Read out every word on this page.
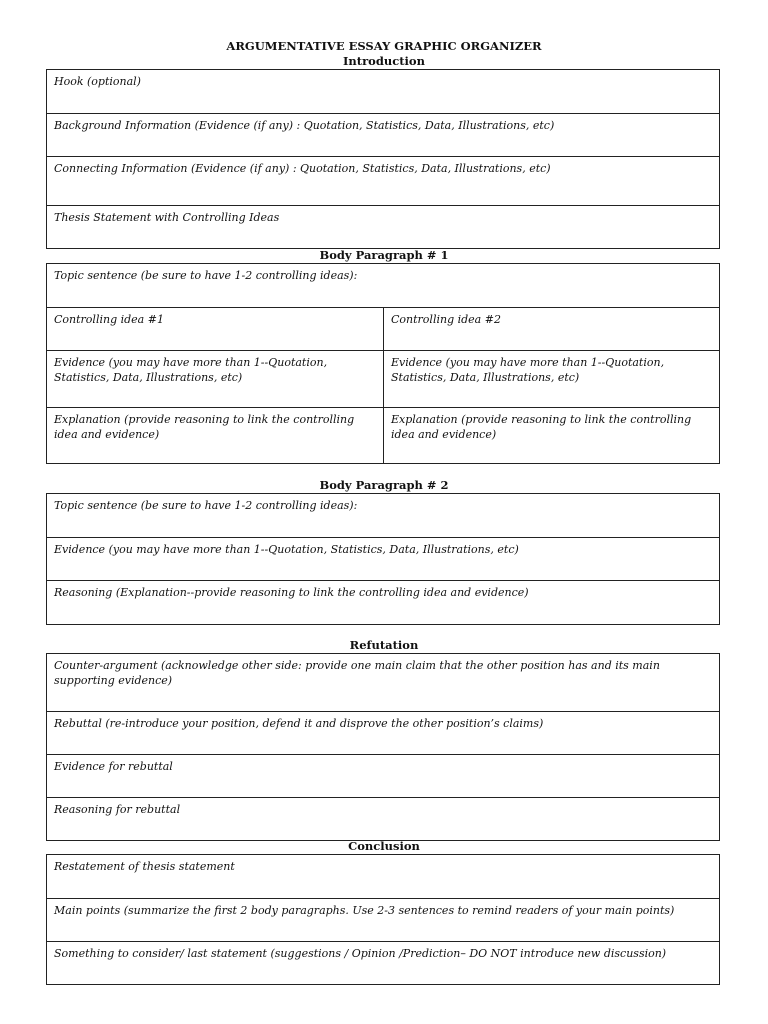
ARGUMENTATIVE ESSAY GRAPHIC ORGANIZER
Introduction
Hook (optional)
Background Information (Evidence (if any) : Quotation, Statistics, Data, Illustrations, etc)
Connecting Information (Evidence (if any) : Quotation, Statistics, Data, Illustrations, etc)
Thesis Statement with Controlling Ideas
Body Paragraph # 1
Topic sentence (be sure to have 1-2 controlling ideas):
Controlling idea #1	Controlling idea #2
Evidence (you may have more than 1--Quotation, Statistics, Data, Illustrations, etc)
Evidence (you may have more than 1--Quotation, Statistics, Data, Illustrations, etc)
Explanation (provide reasoning to link the controlling idea and evidence)
Explanation (provide reasoning to link the controlling idea and evidence)
Body Paragraph # 2
Topic sentence (be sure to have 1-2 controlling ideas):
Evidence (you may have more than 1--Quotation, Statistics, Data, Illustrations, etc)
Reasoning (Explanation--provide reasoning to link the controlling idea and evidence)
Refutation
Counter-argument (acknowledge other side: provide one main claim that the other position has and its main supporting evidence)
Rebuttal (re-introduce your position, defend it and disprove the other position’s claims)
Evidence for rebuttal
Reasoning for rebuttal
Conclusion
Restatement of thesis statement
Main points (summarize the first 2 body paragraphs. Use 2-3 sentences to remind readers of your main points)
Something to consider/ last statement (suggestions / Opinion /Prediction– DO NOT introduce new discussion)
